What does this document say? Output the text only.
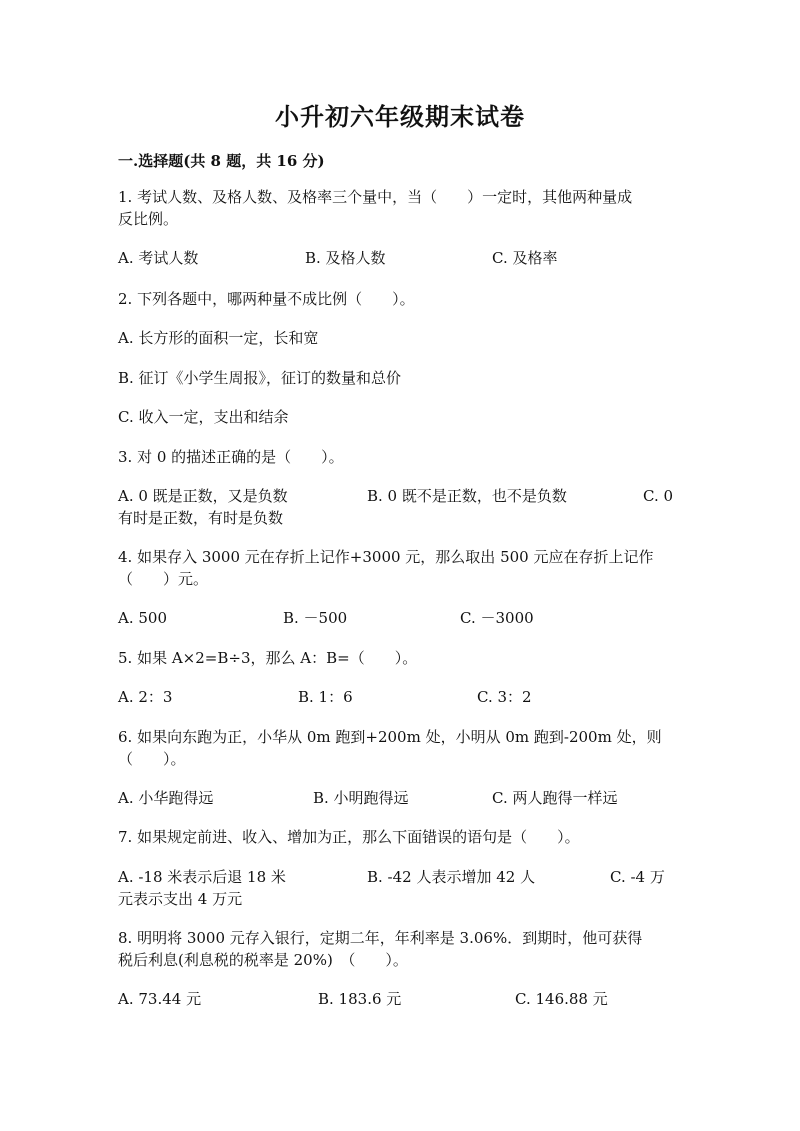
小升初六年级期末试卷
一.选择题(共 8 题，共 16 分)
1. 考试人数、及格人数、及格率三个量中，当（　　）一定时，其他两种量成
反比例。
A. 考试人数	B. 及格人数	C. 及格率
2. 下列各题中，哪两种量不成比例（　　）。
A. 长方形的面积一定，长和宽
B. 征订《小学生周报》，征订的数量和总价
C. 收入一定，支出和结余
3. 对 0 的描述正确的是（　　）。
A. 0 既是正数，又是负数	B. 0 既不是正数，也不是负数	C. 0
有时是正数，有时是负数
4. 如果存入 3000 元在存折上记作+3000 元，那么取出 500 元应在存折上记作
（　　）元。
A. 500	B. －500	C. －3000
5. 如果 A×2=B÷3，那么 A：B=（　　）。
A. 2：3	B. 1：6	C. 3：2
6. 如果向东跑为正，小华从 0m 跑到+200m 处，小明从 0m 跑到-200m 处，则
（　　）。
A. 小华跑得远	B. 小明跑得远	C. 两人跑得一样远
7. 如果规定前进、收入、增加为正，那么下面错误的语句是（　　）。
A. -18 米表示后退 18 米	B. -42 人表示增加 42 人	C. -4 万
元表示支出 4 万元
8. 明明将 3000 元存入银行，定期二年，年利率是 3.06%．到期时，他可获得
税后利息(利息税的税率是 20%)　（　　）。
A. 73.44 元	B. 183.6 元	C. 146.88 元
